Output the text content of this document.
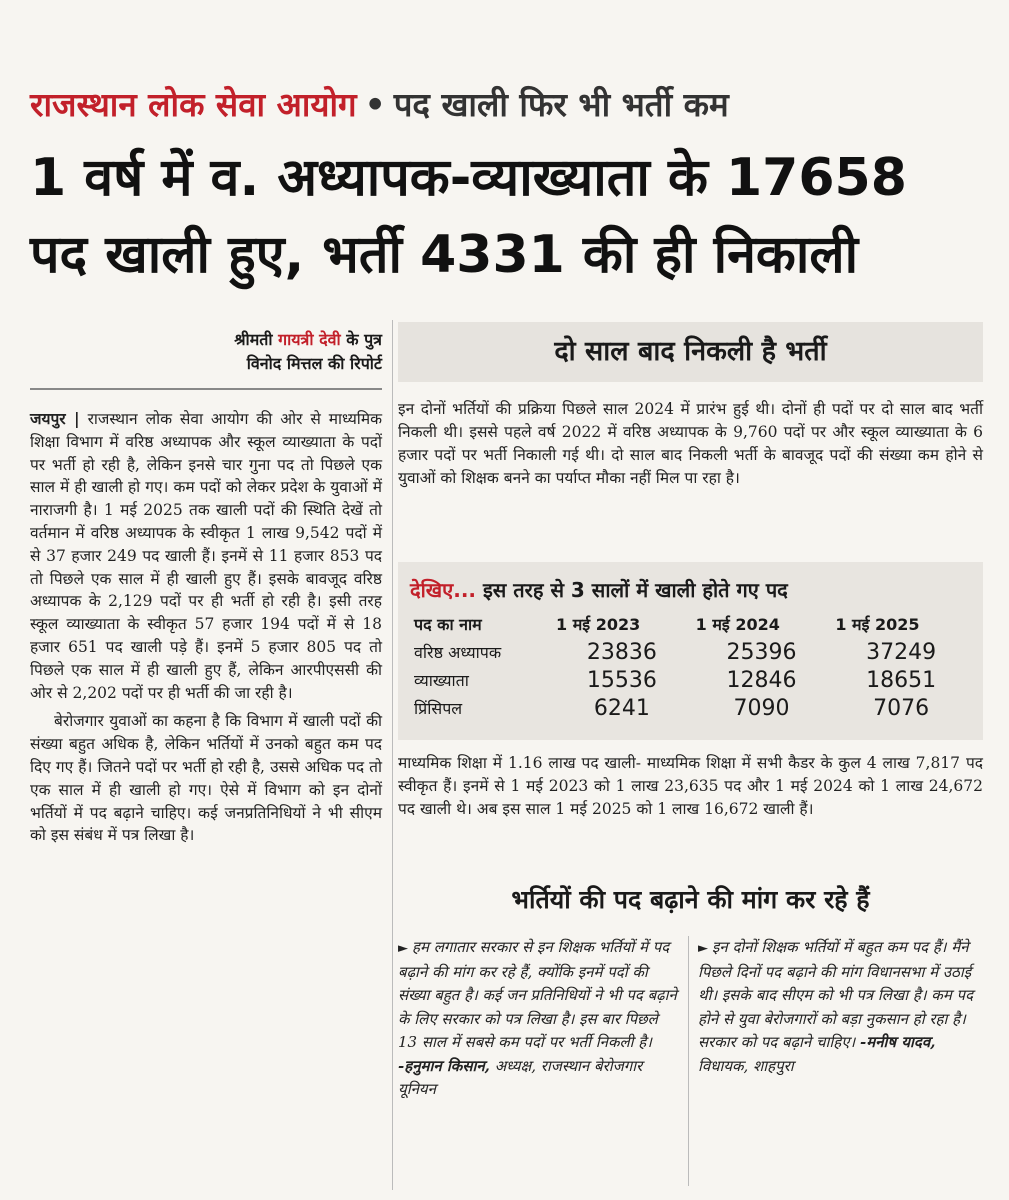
राजस्थान लोक सेवा आयोग • पद खाली फिर भी भर्ती कम
1 वर्ष में व. अध्यापक-व्याख्याता के 17658
पद खाली हुए, भर्ती 4331 की ही निकाली
श्रीमती गायत्री देवी के पुत्र
विनोद मित्तल की रिपोर्ट

जयपुर | राजस्थान लोक सेवा आयोग की ओर से माध्यमिक शिक्षा विभाग में वरिष्ठ अध्यापक और स्कूल व्याख्याता के पदों पर भर्ती हो रही है, लेकिन इनसे चार गुना पद तो पिछले एक साल में ही खाली हो गए। कम पदों को लेकर प्रदेश के युवाओं में नाराजगी है। 1 मई 2025 तक खाली पदों की स्थिति देखें तो वर्तमान में वरिष्ठ अध्यापक के स्वीकृत 1 लाख 9,542 पदों में से 37 हजार 249 पद खाली हैं। इनमें से 11 हजार 853 पद तो पिछले एक साल में ही खाली हुए हैं। इसके बावजूद वरिष्ठ अध्यापक के 2,129 पदों पर ही भर्ती हो रही है। इसी तरह स्कूल व्याख्याता के स्वीकृत 57 हजार 194 पदों में से 18 हजार 651 पद खाली पड़े हैं। इनमें 5 हजार 805 पद तो पिछले एक साल में ही खाली हुए हैं, लेकिन आरपीएससी की ओर से 2,202 पदों पर ही भर्ती की जा रही है।

बेरोजगार युवाओं का कहना है कि विभाग में खाली पदों की संख्या बहुत अधिक है, लेकिन भर्तियों में उनको बहुत कम पद दिए गए हैं। जितने पदों पर भर्ती हो रही है, उससे अधिक पद तो एक साल में ही खाली हो गए। ऐसे में विभाग को इन दोनों भर्तियों में पद बढ़ाने चाहिए। कई जनप्रतिनिधियों ने भी सीएम को इस संबंध में पत्र लिखा है।

दो साल बाद निकली है भर्ती
इन दोनों भर्तियों की प्रक्रिया पिछले साल 2024 में प्रारंभ हुई थी। दोनों ही पदों पर दो साल बाद भर्ती निकली थी। इससे पहले वर्ष 2022 में वरिष्ठ अध्यापक के 9,760 पदों पर और स्कूल व्याख्याता के 6 हजार पदों पर भर्ती निकाली गई थी। दो साल बाद निकली भर्ती के बावजूद पदों की संख्या कम होने से युवाओं को शिक्षक बनने का पर्याप्त मौका नहीं मिल पा रहा है।
देखिए... इस तरह से 3 सालों में खाली होते गए पद
पद का नाम	1 मई 2023	1 मई 2024	1 मई 2025
वरिष्ठ अध्यापक	23836	25396	37249
व्याख्याता	15536	12846	18651
प्रिंसिपल	6241	7090	7076
माध्यमिक शिक्षा में 1.16 लाख पद खाली- माध्यमिक शिक्षा में सभी कैडर के कुल 4 लाख 7,817 पद स्वीकृत हैं। इनमें से 1 मई 2023 को 1 लाख 23,635 पद और 1 मई 2024 को 1 लाख 24,672 पद खाली थे। अब इस साल 1 मई 2025 को 1 लाख 16,672 खाली हैं।
भर्तियों की पद बढ़ाने की मांग कर रहे हैं
► हम लगातार सरकार से इन शिक्षक भर्तियों में पद बढ़ाने की मांग कर रहे हैं, क्योंकि इनमें पदों की संख्या बहुत है। कई जन प्रतिनिधियों ने भी पद बढ़ाने के लिए सरकार को पत्र लिखा है। इस बार पिछले 13 साल में सबसे कम पदों पर भर्ती निकली है। -हनुमान किसान, अध्यक्ष, राजस्थान बेरोजगार यूनियन
► इन दोनों शिक्षक भर्तियों में बहुत कम पद हैं। मैंने पिछले दिनों पद बढ़ाने की मांग विधानसभा में उठाई थी। इसके बाद सीएम को भी पत्र लिखा है। कम पद होने से युवा बेरोजगारों को बड़ा नुकसान हो रहा है। सरकार को पद बढ़ाने चाहिए। -मनीष यादव, विधायक, शाहपुरा
